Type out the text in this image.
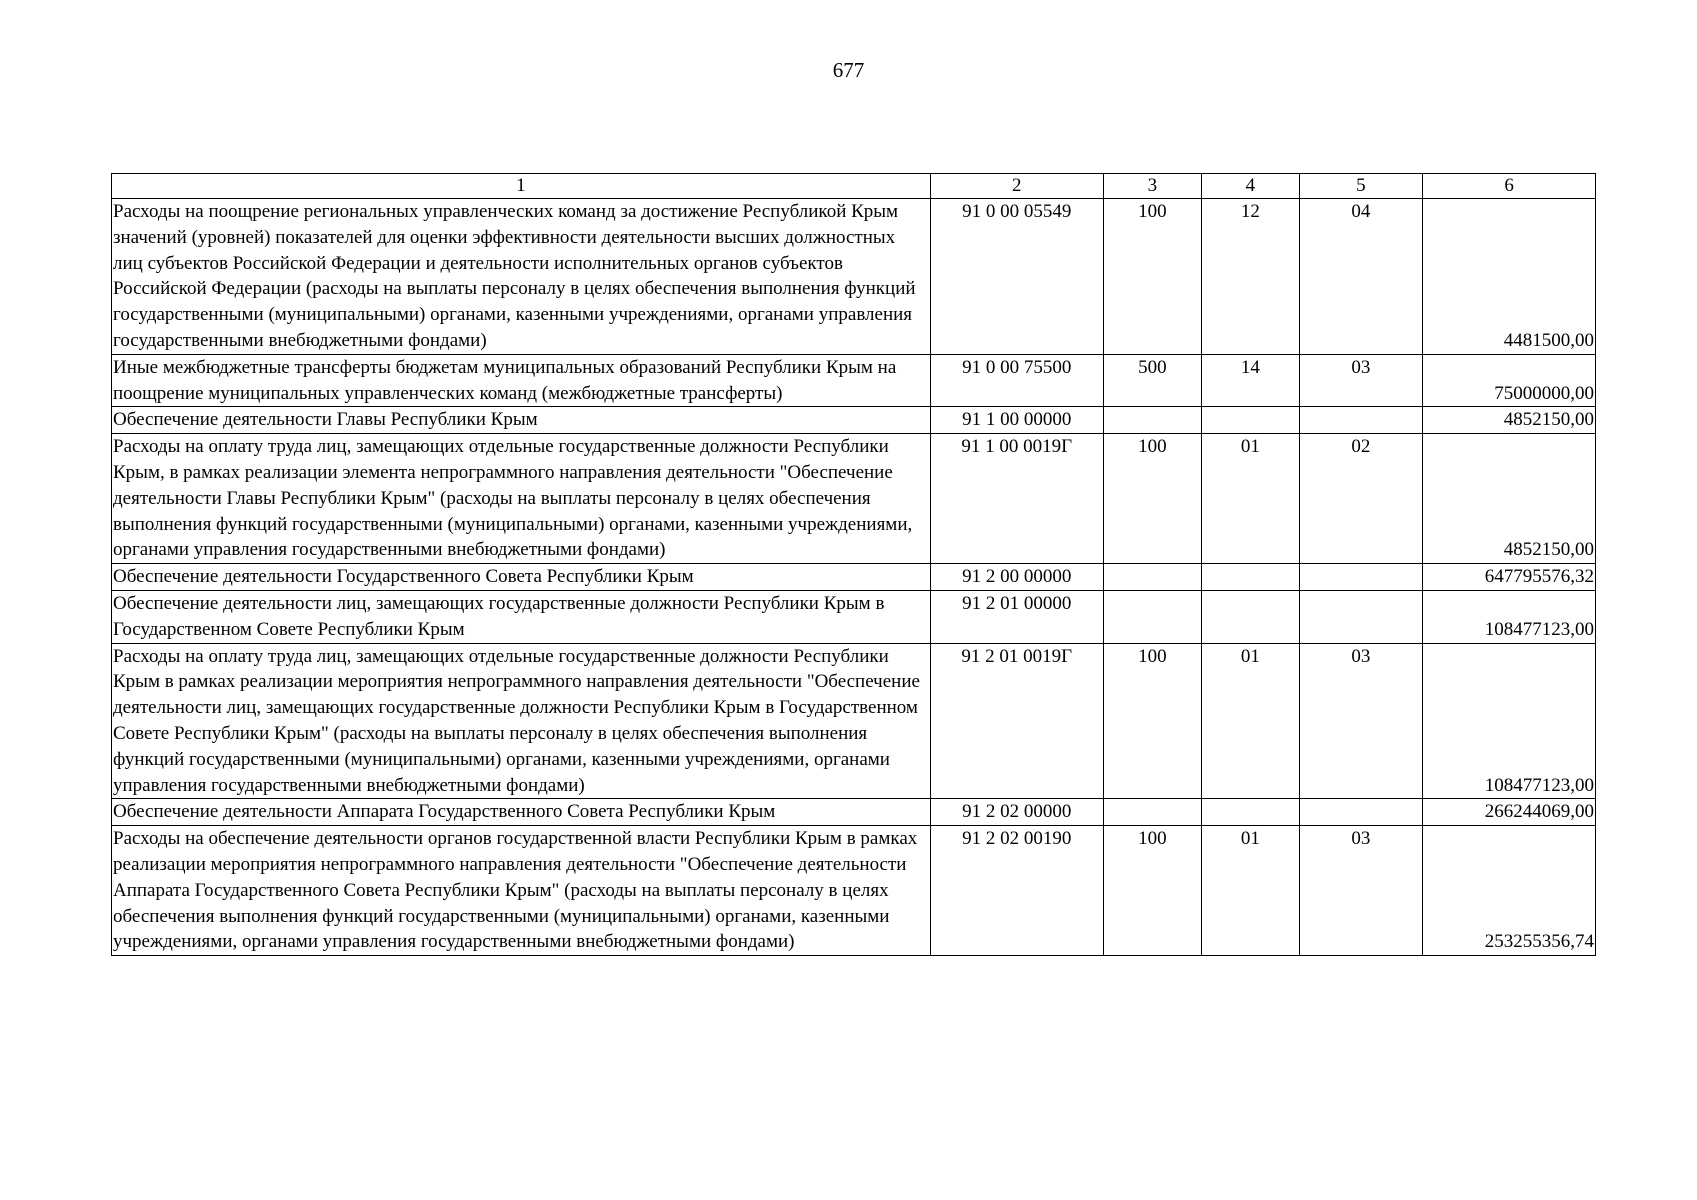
677
1	2	3	4	5	6
Расходы на поощрение региональных управленческих команд за достижение Республикой Крым значений (уровней) показателей для оценки эффективности деятельности высших должностных лиц субъектов Российской Федерации и деятельности исполнительных органов субъектов Российской Федерации (расходы на выплаты персоналу в целях обеспечения выполнения функций государственными (муниципальными) органами, казенными учреждениями, органами управления государственными внебюджетными фондами)	91 0 00 05549	100	12	04	4481500,00
Иные межбюджетные трансферты бюджетам муниципальных образований Республики Крым на поощрение муниципальных управленческих команд (межбюджетные трансферты)	91 0 00 75500	500	14	03	75000000,00
Обеспечение деятельности Главы Республики Крым	91 1 00 00000				4852150,00
Расходы на оплату труда лиц, замещающих отдельные государственные должности Республики Крым, в рамках реализации элемента непрограммного направления деятельности "Обеспечение деятельности Главы Республики Крым" (расходы на выплаты персоналу в целях обеспечения выполнения функций государственными (муниципальными) органами, казенными учреждениями, органами управления государственными внебюджетными фондами)	91 1 00 0019Г	100	01	02	4852150,00
Обеспечение деятельности Государственного Совета Республики Крым	91 2 00 00000				647795576,32
Обеспечение деятельности лиц, замещающих государственные должности Республики Крым в Государственном Совете Республики Крым	91 2 01 00000				108477123,00
Расходы на оплату труда лиц, замещающих отдельные государственные должности Республики Крым в рамках реализации мероприятия непрограммного направления деятельности "Обеспечение деятельности лиц, замещающих государственные должности Республики Крым в Государственном Совете Республики Крым" (расходы на выплаты персоналу в целях обеспечения выполнения функций государственными (муниципальными) органами, казенными учреждениями, органами управления государственными внебюджетными фондами)	91 2 01 0019Г	100	01	03	108477123,00
Обеспечение деятельности Аппарата Государственного Совета Республики Крым	91 2 02 00000				266244069,00
Расходы на обеспечение деятельности органов государственной власти Республики Крым в рамках реализации мероприятия непрограммного направления деятельности "Обеспечение деятельности Аппарата Государственного Совета Республики Крым" (расходы на выплаты персоналу в целях обеспечения выполнения функций государственными (муниципальными) органами, казенными учреждениями, органами управления государственными внебюджетными фондами)	91 2 02 00190	100	01	03	253255356,74
